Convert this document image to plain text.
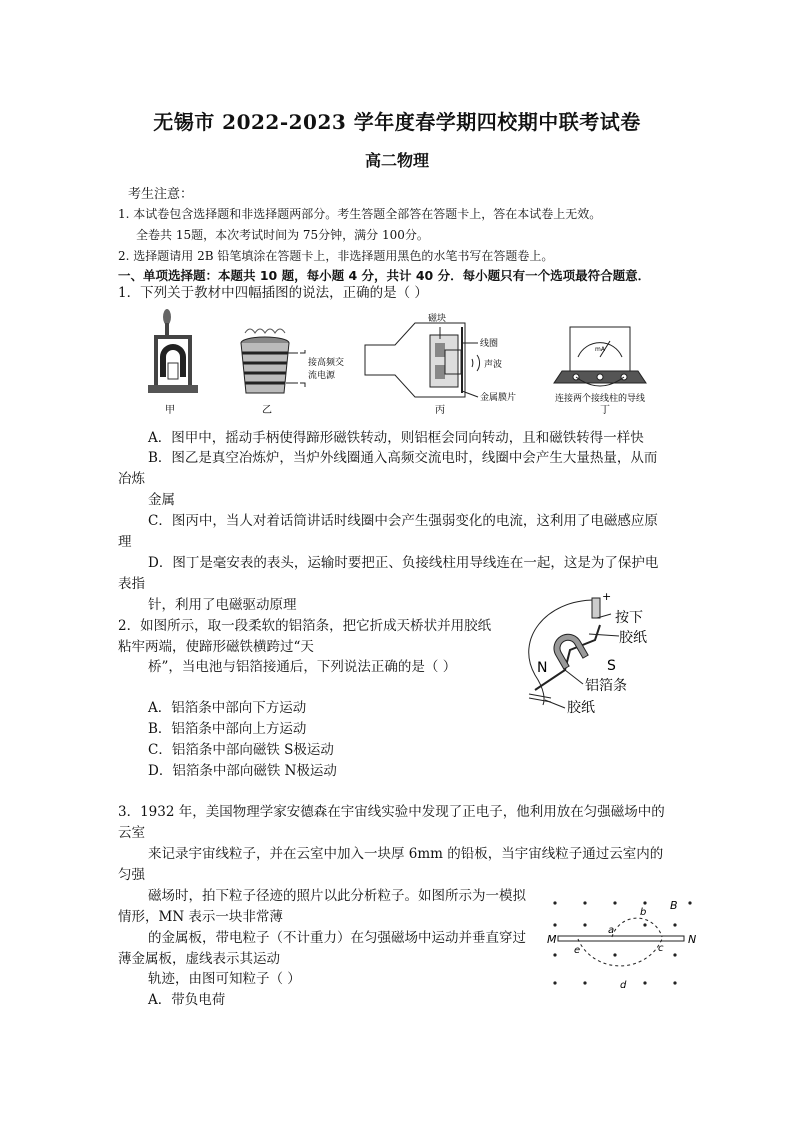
无锡市 2022-2023 学年度春学期四校期中联考试卷
高二物理
考生注意：
1. 本试卷包含选择题和非选择题两部分。考生答题全部答在答题卡上，答在本试卷上无效。
全卷共 15题，本次考试时间为 75分钟，满分 100分。
2. 选择题请用 2B 铅笔填涂在答题卡上，非选择题用黑色的水笔书写在答题卷上。
一、单项选择题：本题共 10 题，每小题 4 分，共计 40 分．每小题只有一个选项最符合题意．
1．下列关于教材中四幅插图的说法，正确的是（ ）
甲
接高频交
流电源
乙
磁块
线圈
声波
金属膜片
丙
mA
连接两个接线柱的导线
丁
A．图甲中，摇动手柄使得蹄形磁铁转动，则铝框会同向转动，且和磁铁转得一样快
B．图乙是真空冶炼炉，当炉外线圈通入高频交流电时，线圈中会产生大量热量，从而
冶炼
金属
C．图丙中，当人对着话筒讲话时线圈中会产生强弱变化的电流，这利用了电磁感应原
理
D．图丁是毫安表的表头，运输时要把正、负接线柱用导线连在一起，这是为了保护电
表指
针，利用了电磁驱动原理
2．如图所示，取一段柔软的铝箔条，把它折成天桥状并用胶纸
粘牢两端，使蹄形磁铁横跨过“天
桥”，当电池与铝箔接通后，下列说法正确的是（ ）
+
按下
胶纸
N	S
铝箔条
胶纸
A．铝箔条中部向下方运动
B．铝箔条中部向上方运动
C．铝箔条中部向磁铁 S极运动
D．铝箔条中部向磁铁 N极运动
3．1932 年，美国物理学家安德森在宇宙线实验中发现了正电子，他利用放在匀强磁场中的
云室
来记录宇宙线粒子，并在云室中加入一块厚 6mm 的铅板，当宇宙线粒子通过云室内的
匀强
磁场时，拍下粒子径迹的照片以此分析粒子。如图所示为一模拟
情形，MN 表示一块非常薄
的金属板，带电粒子（不计重力）在匀强磁场中运动并垂直穿过
薄金属板，虚线表示其运动
轨迹，由图可知粒子（ ）
A．带负电荷
M	N
B
a
b
c
d
e
